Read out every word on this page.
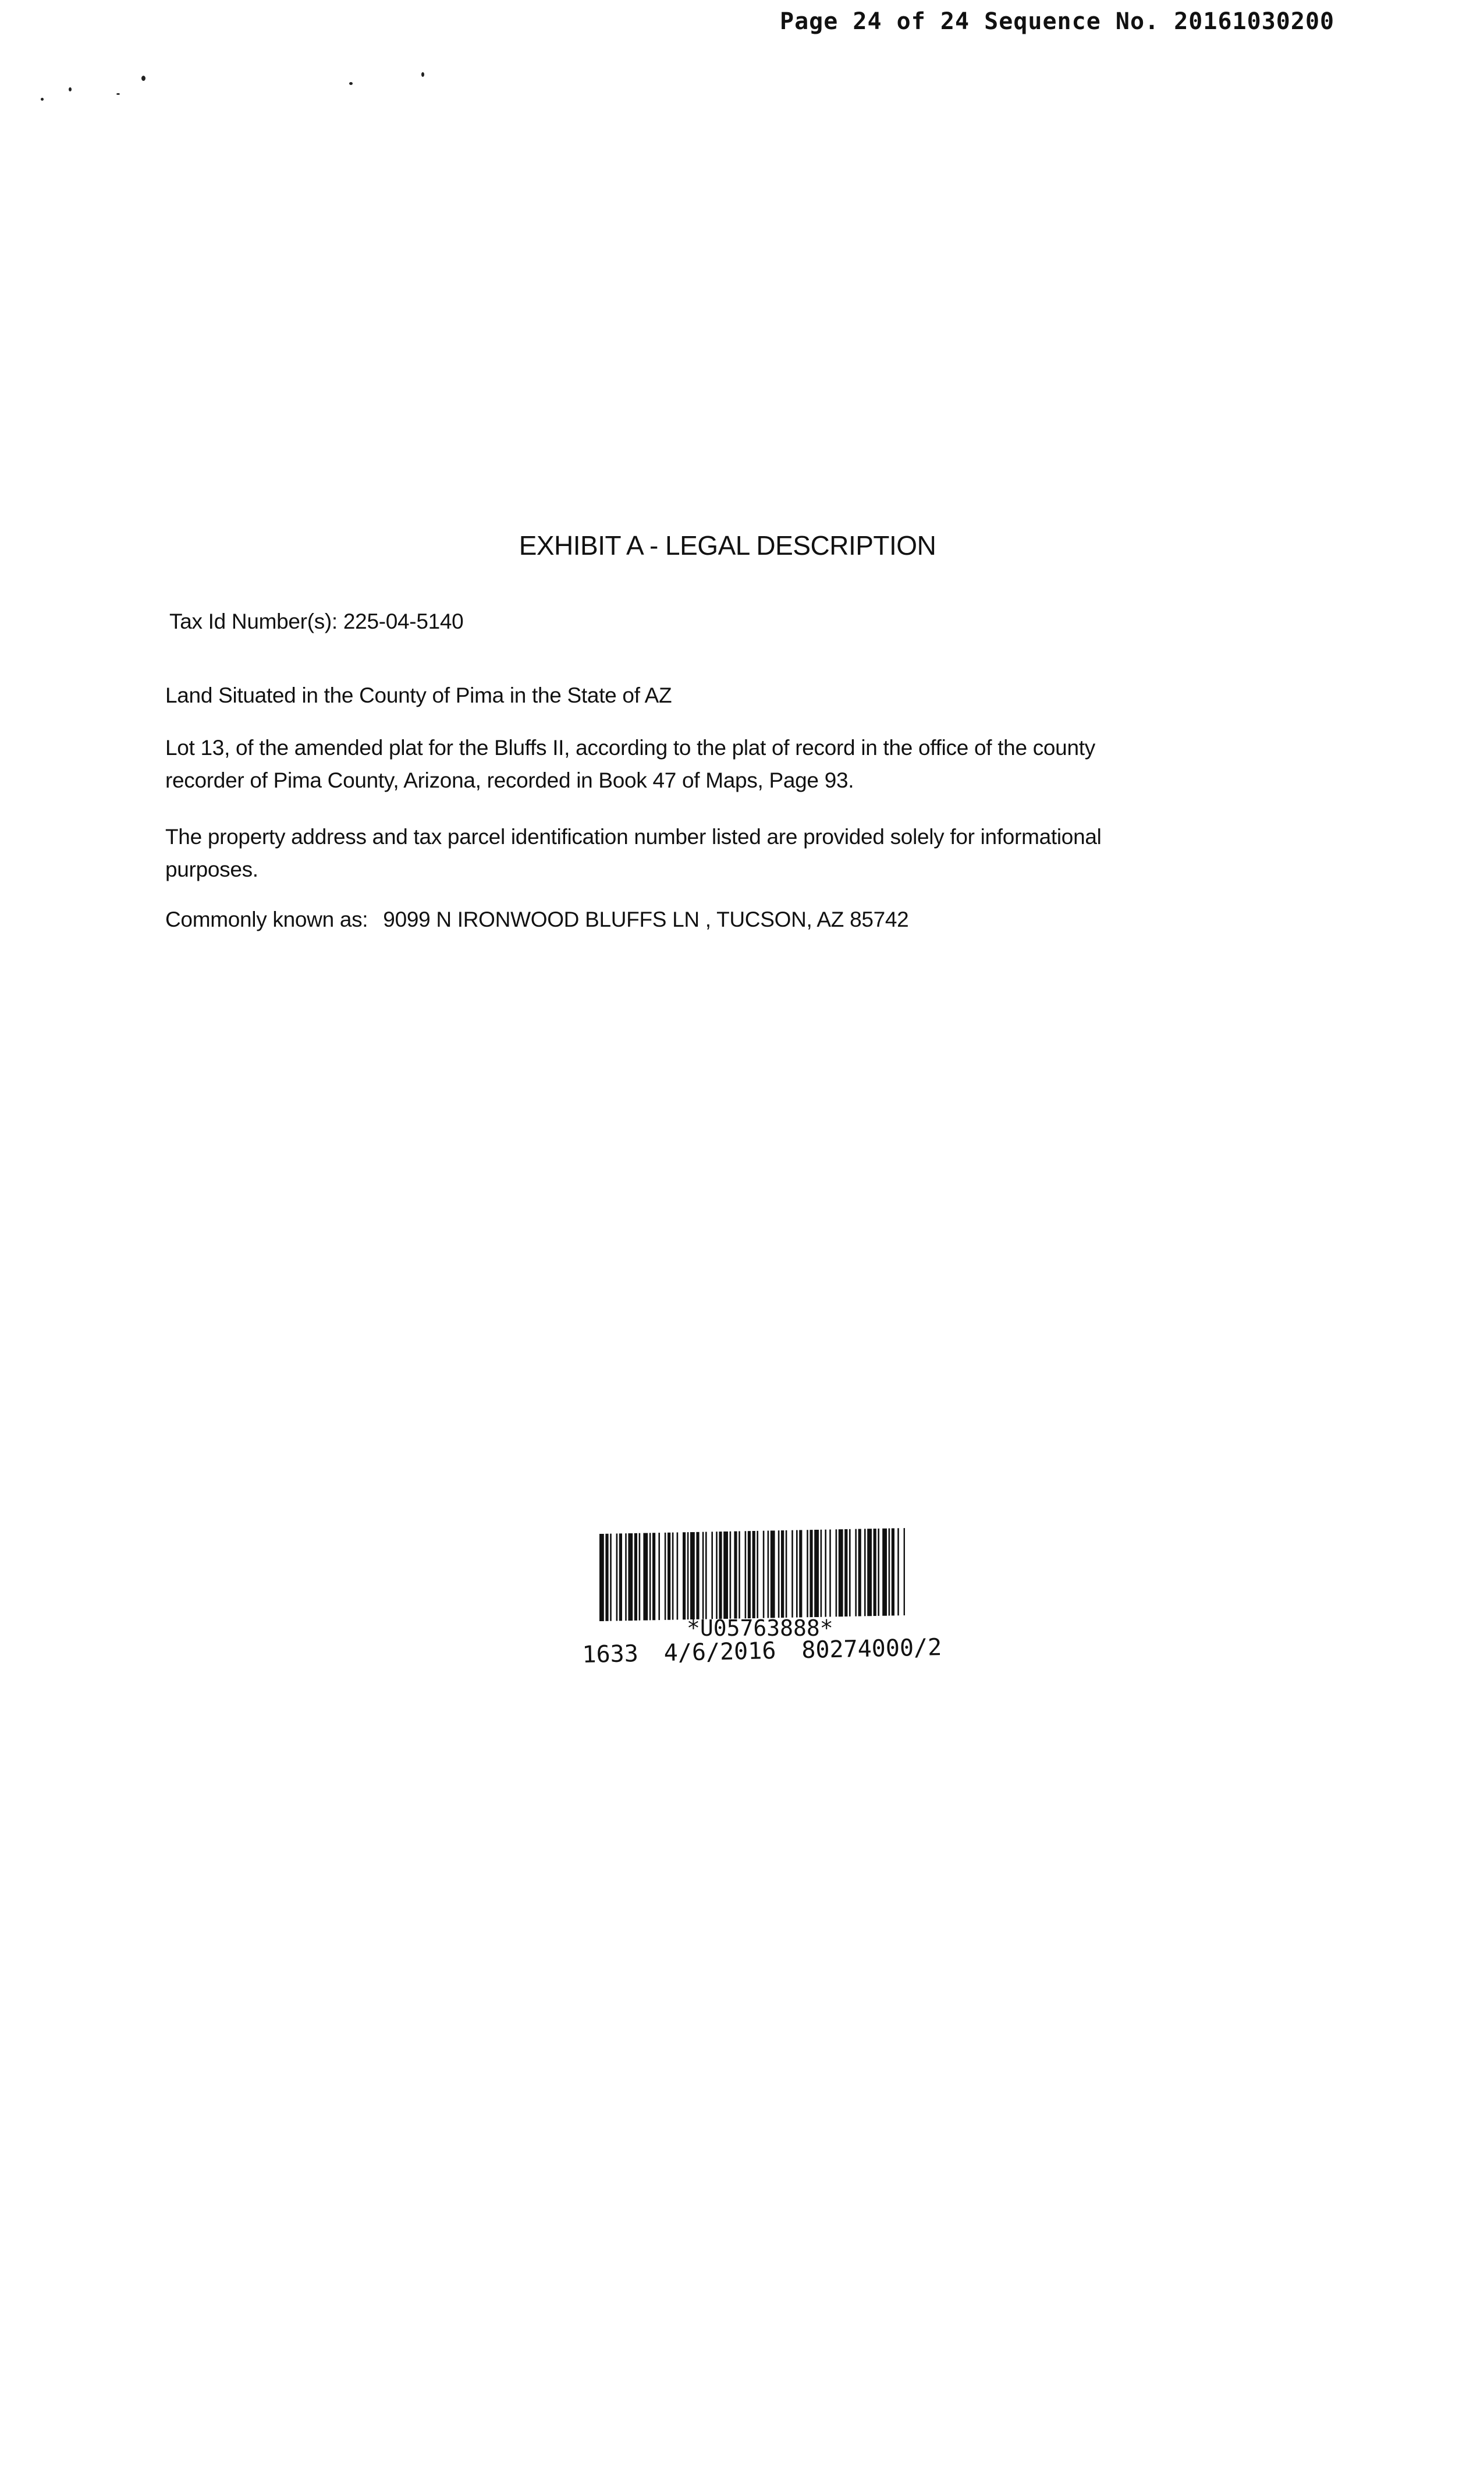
Page 24 of 24 Sequence No. 20161030200
EXHIBIT A - LEGAL DESCRIPTION
Tax Id Number(s): 225-04-5140
Land Situated in the County of Pima in the State of AZ
Lot 13, of the amended plat for the Bluffs II, according to the plat of record in the office of the county
recorder of Pima County, Arizona, recorded in Book 47 of Maps, Page 93.
The property address and tax parcel identification number listed are provided solely for informational
purposes.
Commonly known as: 9099 N IRONWOOD BLUFFS LN , TUCSON, AZ 85742
*U05763888*
1633 4/6/2016 80274000/2
